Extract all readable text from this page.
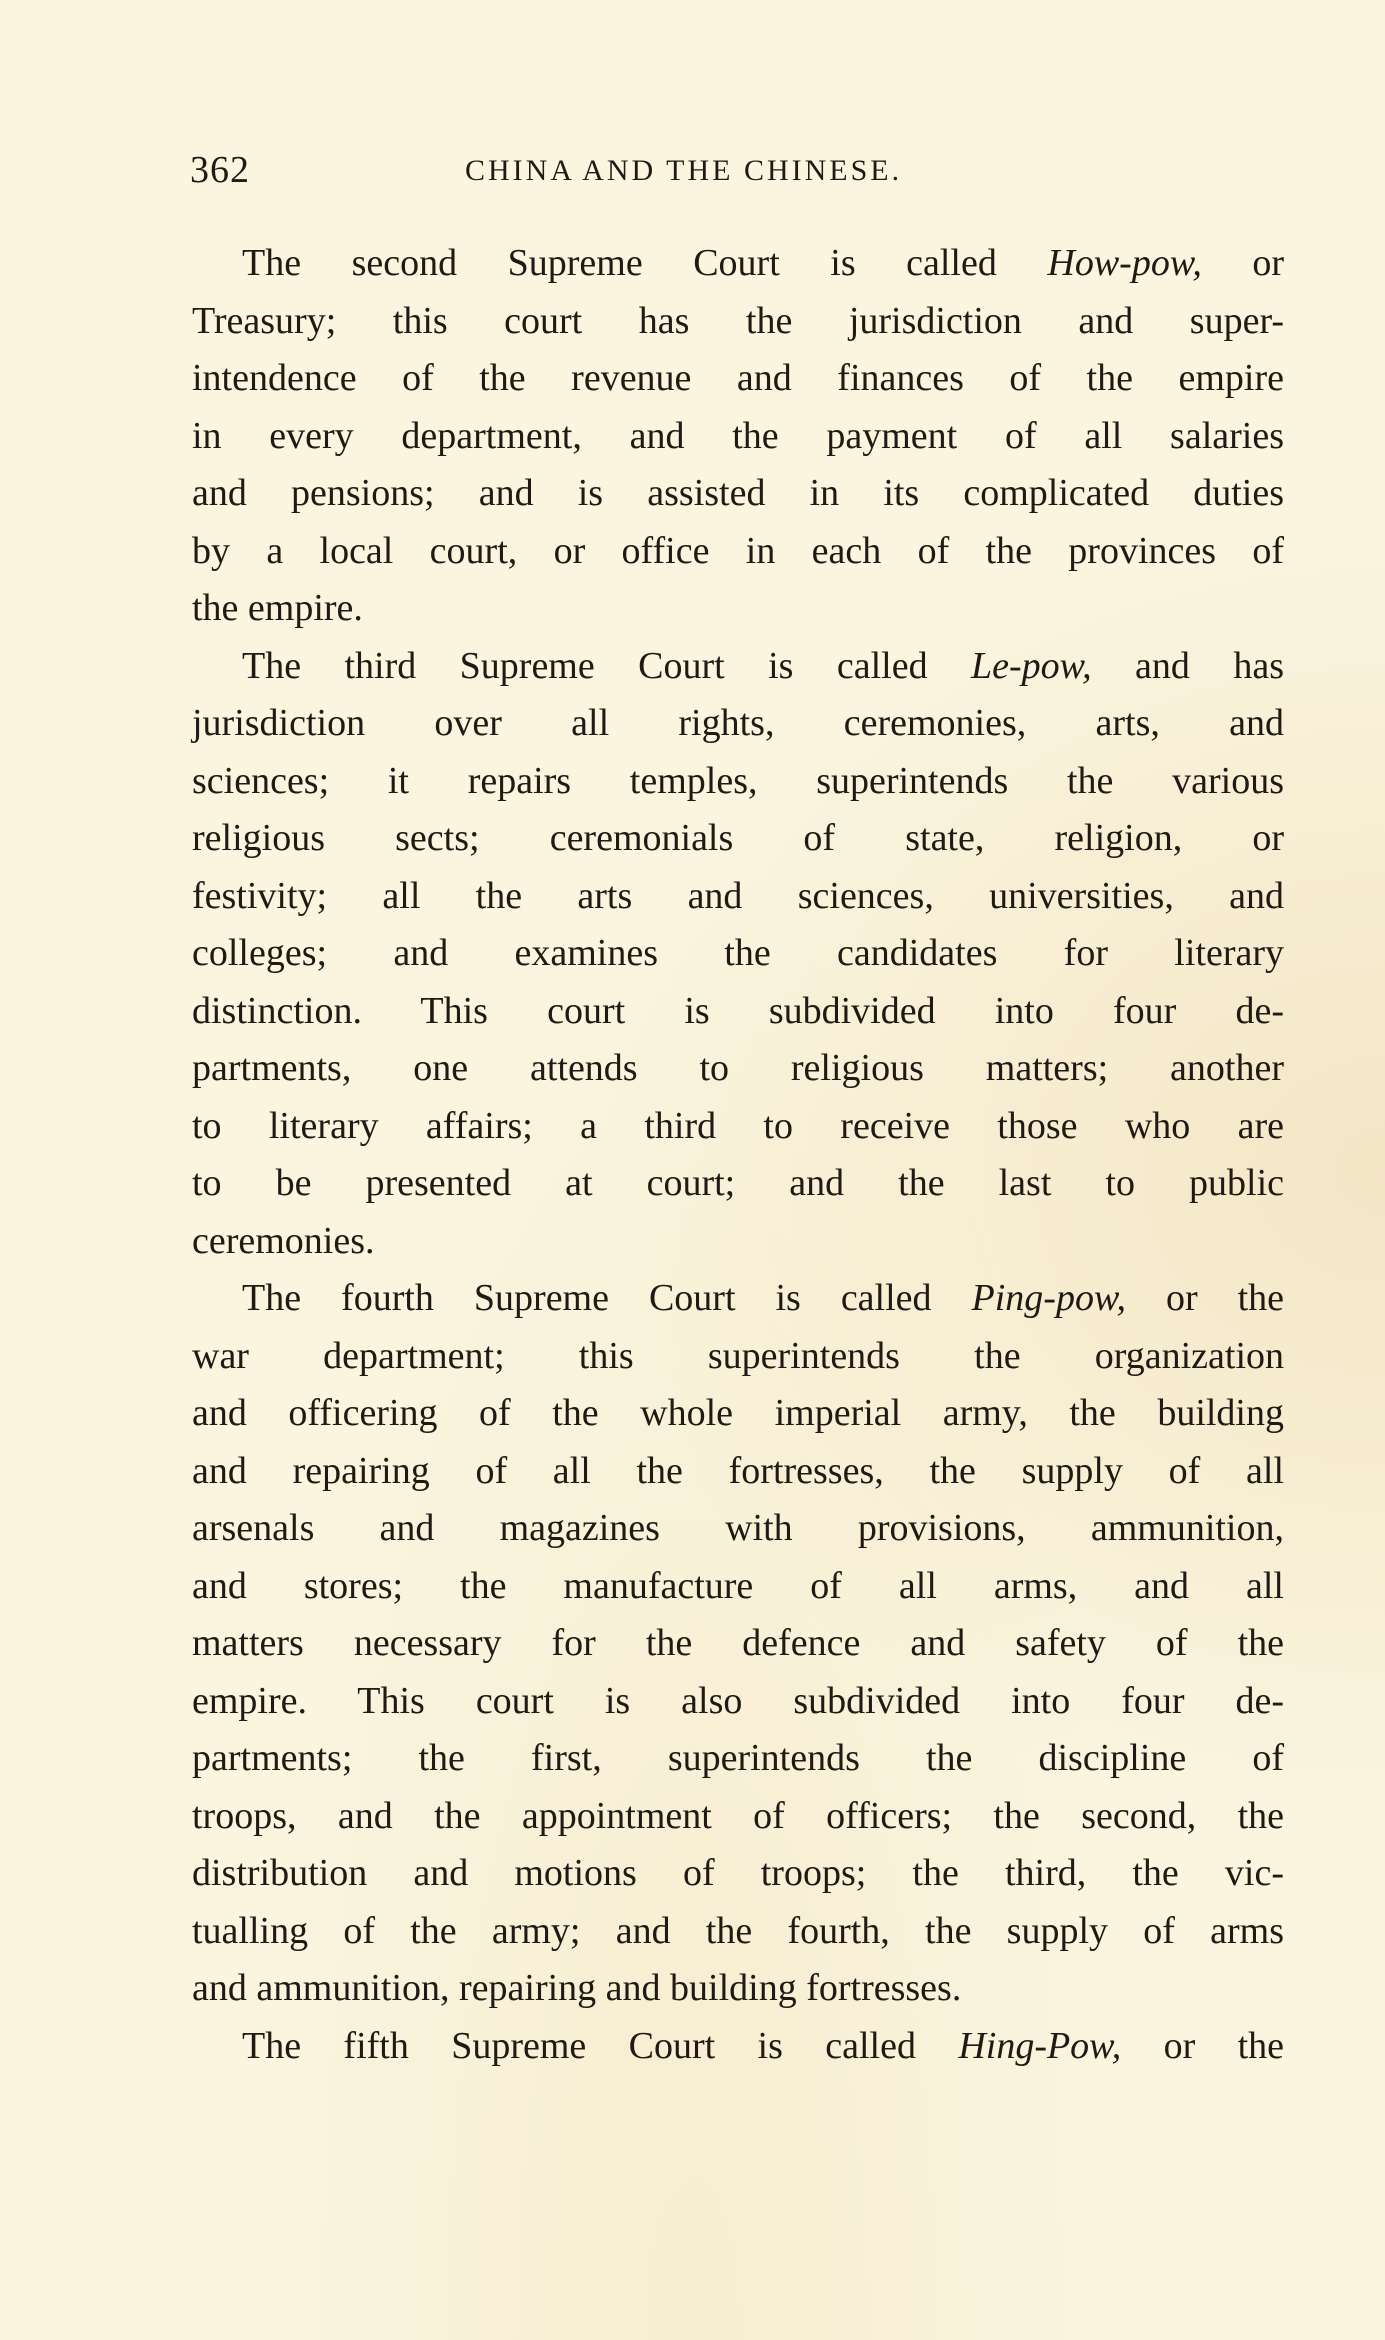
362	CHINA AND THE CHINESE.
The second Supreme Court is called How-pow, or
Treasury; this court has the jurisdiction and super-
intendence of the revenue and finances of the empire
in every department, and the payment of all salaries
and pensions; and is assisted in its complicated duties
by a local court, or office in each of the provinces of
the empire.
The third Supreme Court is called Le-pow, and has
jurisdiction over all rights, ceremonies, arts, and
sciences; it repairs temples, superintends the various
religious sects; ceremonials of state, religion, or
festivity; all the arts and sciences, universities, and
colleges; and examines the candidates for literary
distinction. This court is subdivided into four de-
partments, one attends to religious matters; another
to literary affairs; a third to receive those who are
to be presented at court; and the last to public
ceremonies.
The fourth Supreme Court is called Ping-pow, or the
war department; this superintends the organization
and officering of the whole imperial army, the building
and repairing of all the fortresses, the supply of all
arsenals and magazines with provisions, ammunition,
and stores; the manufacture of all arms, and all
matters necessary for the defence and safety of the
empire. This court is also subdivided into four de-
partments; the first, superintends the discipline of
troops, and the appointment of officers; the second, the
distribution and motions of troops; the third, the vic-
tualling of the army; and the fourth, the supply of arms
and ammunition, repairing and building fortresses.
The fifth Supreme Court is called Hing-Pow, or the
